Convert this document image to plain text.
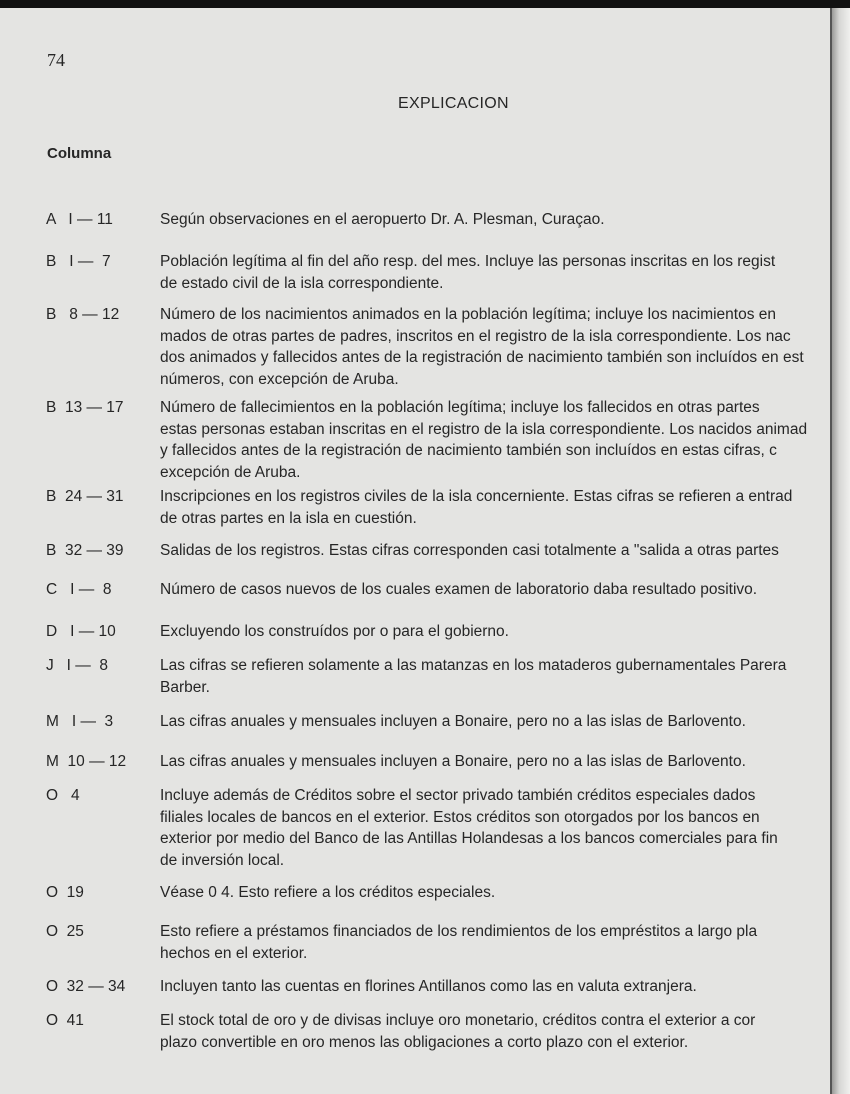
74
EXPLICACION
Columna
A   I — 11	Según observaciones en el aeropuerto Dr. A. Plesman, Curaçao.
B   I —  7	Población legítima al fin del año resp. del mes. Incluye las personas inscritas en los regist
de estado civil de la isla correspondiente.
B   8 — 12	Número de los nacimientos animados en la población legítima; incluye los nacimientos en
mados de otras partes de padres, inscritos en el registro de la isla correspondiente. Los nac
dos animados y fallecidos antes de la registración de nacimiento también son incluídos en est
números, con excepción de Aruba.
B  13 — 17 Número de fallecimientos en la población legítima; incluye los fallecidos en otras partes
estas personas estaban inscritas en el registro de la isla correspondiente. Los nacidos animad
y fallecidos antes de la registración de nacimiento también son incluídos en estas cifras, c
excepción de Aruba.
B  24 — 31 Inscripciones en los registros civiles de la isla concerniente. Estas cifras se refieren a entrad
de otras partes en la isla en cuestión.
B  32 — 39 Salidas de los registros. Estas cifras corresponden casi totalmente a "salida a otras partes
C   I —  8	Número de casos nuevos de los cuales examen de laboratorio daba resultado positivo.
D   I — 10	Excluyendo los construídos por o para el gobierno.
J   I —  8	Las cifras se refieren solamente a las matanzas en los mataderos gubernamentales Parera
Barber.
M   I —  3	Las cifras anuales y mensuales incluyen a Bonaire, pero no a las islas de Barlovento.
M  10 — 12 Las cifras anuales y mensuales incluyen a Bonaire, pero no a las islas de Barlovento.
O   4	Incluye además de Créditos sobre el sector privado también créditos especiales dados
filiales locales de bancos en el exterior. Estos créditos son otorgados por los bancos en
exterior por medio del Banco de las Antillas Holandesas a los bancos comerciales para fin
de inversión local.
O  19	Véase 0 4. Esto refiere a los créditos especiales.
O  25	Esto refiere a préstamos financiados de los rendimientos de los empréstitos a largo pla
hechos en el exterior.
O  32 — 34 Incluyen tanto las cuentas en florines Antillanos como las en valuta extranjera.
O  41	El stock total de oro y de divisas incluye oro monetario, créditos contra el exterior a cor
plazo convertible en oro menos las obligaciones a corto plazo con el exterior.
